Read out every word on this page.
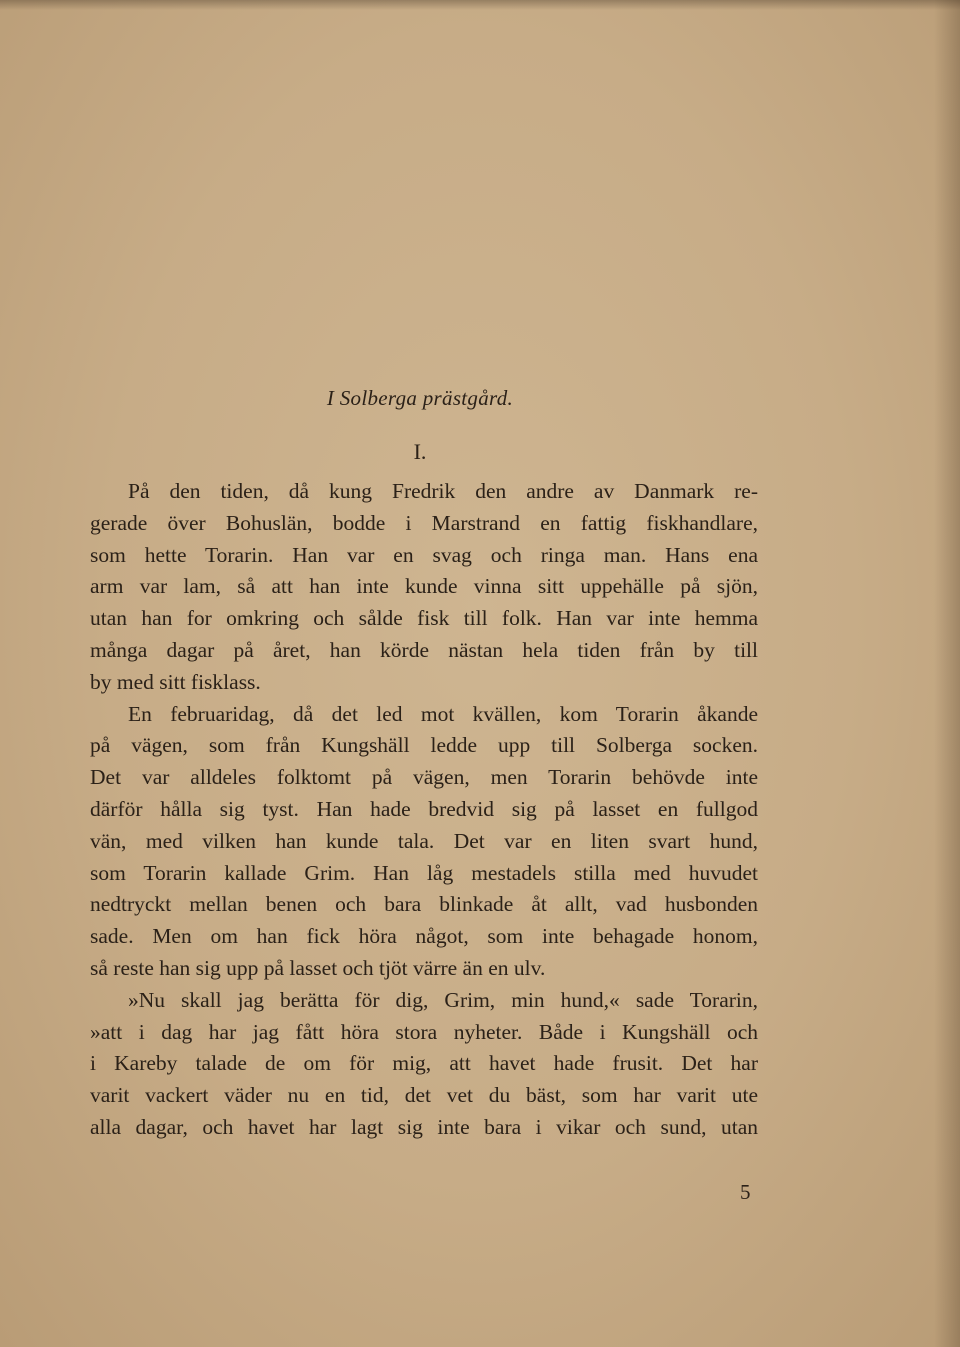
I Solberga prästgård.
I.
På den tiden, då kung Fredrik den andre av Danmark re-
gerade över Bohuslän, bodde i Marstrand en fattig fiskhandlare,
som hette Torarin. Han var en svag och ringa man. Hans ena
arm var lam, så att han inte kunde vinna sitt uppehälle på sjön,
utan han for omkring och sålde fisk till folk. Han var inte hemma
många dagar på året, han körde nästan hela tiden från by till
by med sitt fisklass.
En februaridag, då det led mot kvällen, kom Torarin åkande
på vägen, som från Kungshäll ledde upp till Solberga socken.
Det var alldeles folktomt på vägen, men Torarin behövde inte
därför hålla sig tyst. Han hade bredvid sig på lasset en fullgod
vän, med vilken han kunde tala. Det var en liten svart hund,
som Torarin kallade Grim. Han låg mestadels stilla med huvudet
nedtryckt mellan benen och bara blinkade åt allt, vad husbonden
sade. Men om han fick höra något, som inte behagade honom,
så reste han sig upp på lasset och tjöt värre än en ulv.
»Nu skall jag berätta för dig, Grim, min hund,« sade Torarin,
»att i dag har jag fått höra stora nyheter. Både i Kungshäll och
i Kareby talade de om för mig, att havet hade frusit. Det har
varit vackert väder nu en tid, det vet du bäst, som har varit ute
alla dagar, och havet har lagt sig inte bara i vikar och sund, utan
5
